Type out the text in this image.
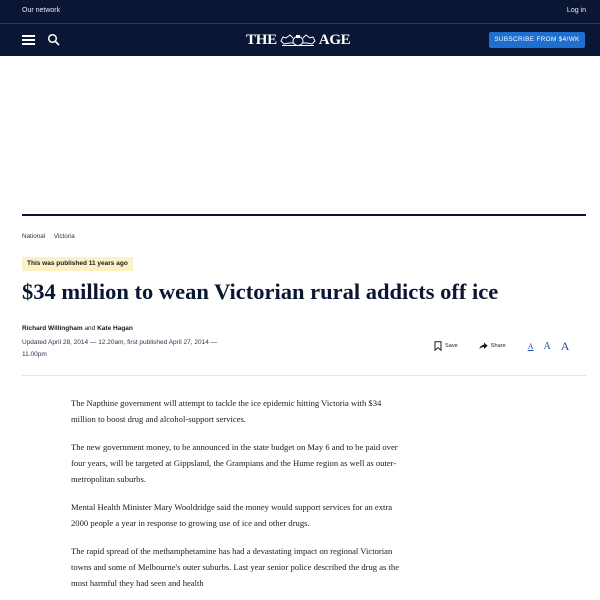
Our network	Log in
THE	AGE	SUBSCRIBE FROM $4/WK
National Victoria
This was published 11 years ago
$34 million to wean Victorian rural addicts off ice
Richard Willingham and Kate Hagan
Updated April 28, 2014 — 12.20am, first published April 27, 2014 — 11.00pm
Save	Share	A A A

The Napthine government will attempt to tackle the ice epidemic hitting Victoria with $34 million to boost drug and alcohol-support services.

The new government money, to be announced in the state budget on May 6 and to be paid over four years, will be targeted at Gippsland, the Grampians and the Hume region as well as outer-metropolitan suburbs.

Mental Health Minister Mary Wooldridge said the money would support services for an extra 2000 people a year in response to growing use of ice and other drugs.

The rapid spread of the methamphetamine has had a devastating impact on regional Victorian towns and some of Melbourne's outer suburbs. Last year senior police described the drug as the most harmful they had seen and health
